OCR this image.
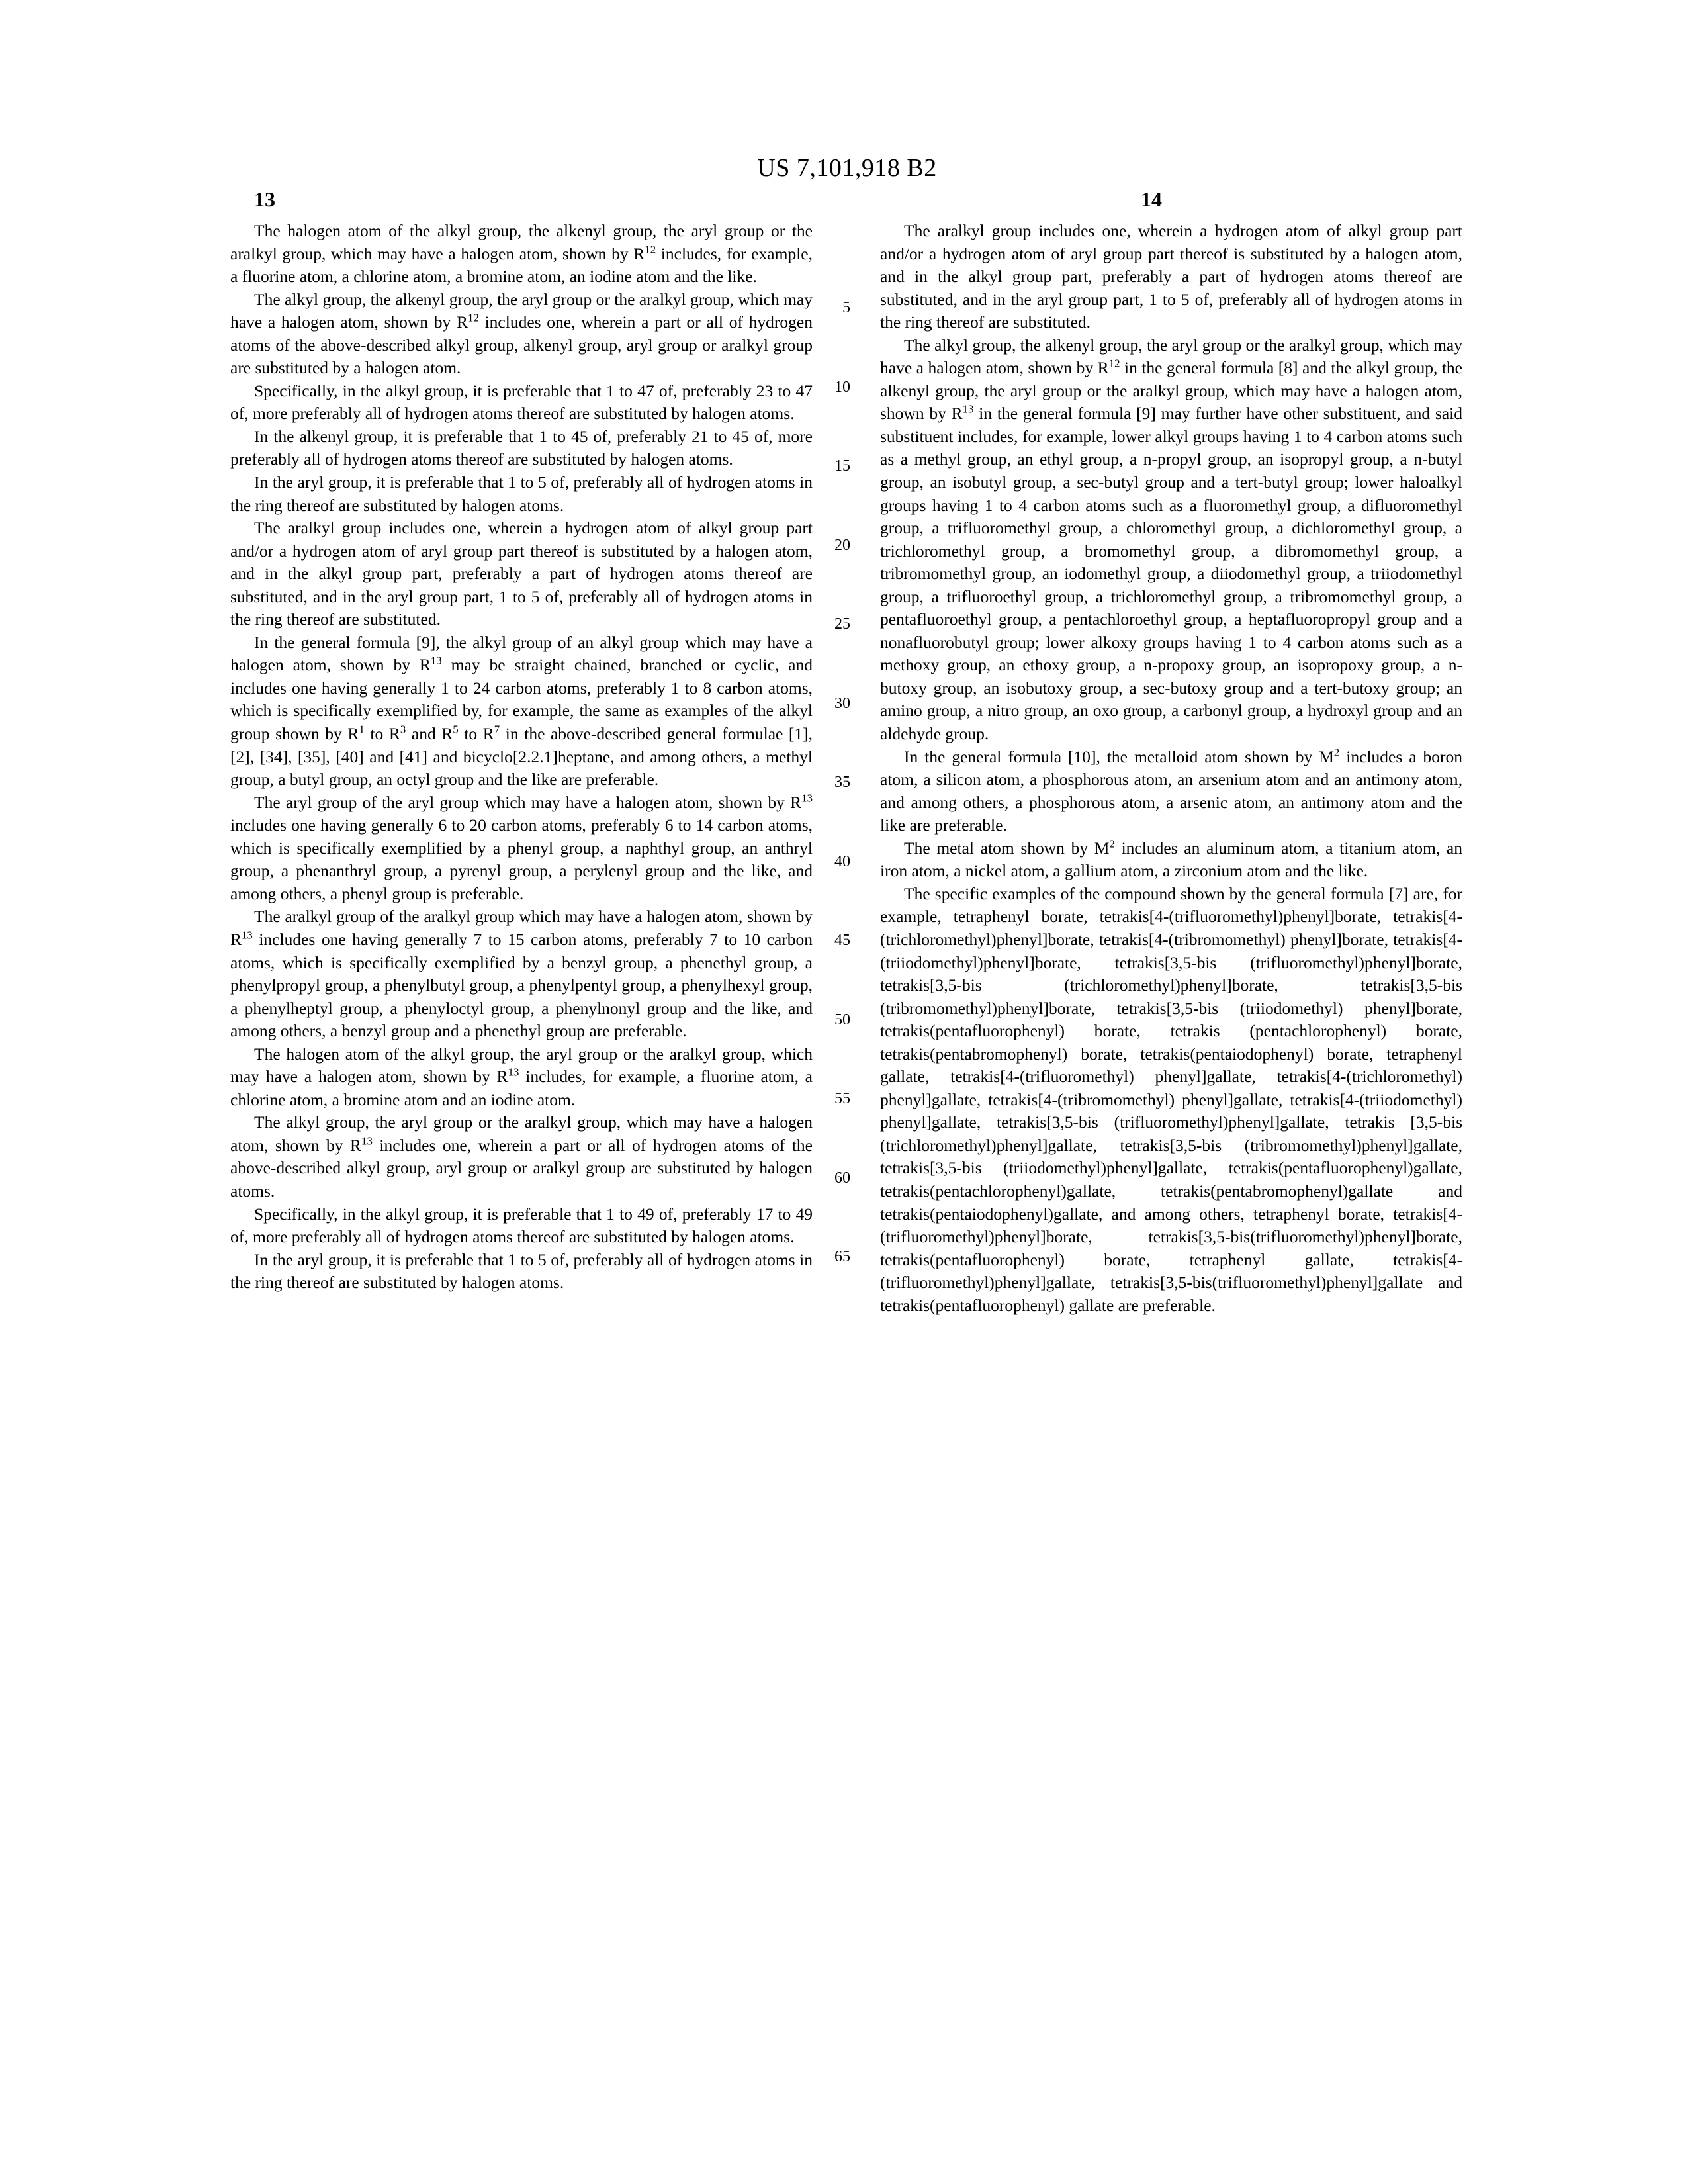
US 7,101,918 B2
13	14
5
10
15
20
25
30
35
40
45
50
55
60
65

The halogen atom of the alkyl group, the alkenyl group, the aryl group or the aralkyl group, which may have a halogen atom, shown by $R^{12}$ includes, for example, a fluorine atom, a chlorine atom, a bromine atom, an iodine atom and the like.

The alkyl group, the alkenyl group, the aryl group or the aralkyl group, which may have a halogen atom, shown by $R^{12}$ includes one, wherein a part or all of hydrogen atoms of the above-described alkyl group, alkenyl group, aryl group or aralkyl group are substituted by a halogen atom.

Specifically, in the alkyl group, it is preferable that 1 to 47 of, preferably 23 to 47 of, more preferably all of hydrogen atoms thereof are substituted by halogen atoms.

In the alkenyl group, it is preferable that 1 to 45 of, preferably 21 to 45 of, more preferably all of hydrogen atoms thereof are substituted by halogen atoms.

In the aryl group, it is preferable that 1 to 5 of, preferably all of hydrogen atoms in the ring thereof are substituted by halogen atoms.

The aralkyl group includes one, wherein a hydrogen atom of alkyl group part and/or a hydrogen atom of aryl group part thereof is substituted by a halogen atom, and in the alkyl group part, preferably a part of hydrogen atoms thereof are substituted, and in the aryl group part, 1 to 5 of, preferably all of hydrogen atoms in the ring thereof are substituted.

In the general formula [9], the alkyl group of an alkyl group which may have a halogen atom, shown by $R^{13}$ may be straight chained, branched or cyclic, and includes one having generally 1 to 24 carbon atoms, preferably 1 to 8 carbon atoms, which is specifically exemplified by, for example, the same as examples of the alkyl group shown by $R^1$ to $R^3$ and $R^5$ to $R^7$ in the above-described general formulae [1], [2], [34], [35], [40] and [41] and bicyclo[2.2.1]heptane, and among others, a methyl group, a butyl group, an octyl group and the like are preferable.

The aryl group of the aryl group which may have a halogen atom, shown by $R^{13}$ includes one having generally 6 to 20 carbon atoms, preferably 6 to 14 carbon atoms, which is specifically exemplified by a phenyl group, a naphthyl group, an anthryl group, a phenanthryl group, a pyrenyl group, a perylenyl group and the like, and among others, a phenyl group is preferable.

The aralkyl group of the aralkyl group which may have a halogen atom, shown by $R^{13}$ includes one having generally 7 to 15 carbon atoms, preferably 7 to 10 carbon atoms, which is specifically exemplified by a benzyl group, a phenethyl group, a phenylpropyl group, a phenylbutyl group, a phenylpentyl group, a phenylhexyl group, a phenylheptyl group, a phenyloctyl group, a phenylnonyl group and the like, and among others, a benzyl group and a phenethyl group are preferable.

The halogen atom of the alkyl group, the aryl group or the aralkyl group, which may have a halogen atom, shown by $R^{13}$ includes, for example, a fluorine atom, a chlorine atom, a bromine atom and an iodine atom.

The alkyl group, the aryl group or the aralkyl group, which may have a halogen atom, shown by $R^{13}$ includes one, wherein a part or all of hydrogen atoms of the above-described alkyl group, aryl group or aralkyl group are substituted by halogen atoms.

Specifically, in the alkyl group, it is preferable that 1 to 49 of, preferably 17 to 49 of, more preferably all of hydrogen atoms thereof are substituted by halogen atoms.

In the aryl group, it is preferable that 1 to 5 of, preferably all of hydrogen atoms in the ring thereof are substituted by halogen atoms.

The aralkyl group includes one, wherein a hydrogen atom of alkyl group part and/or a hydrogen atom of aryl group part thereof is substituted by a halogen atom, and in the alkyl group part, preferably a part of hydrogen atoms thereof are substituted, and in the aryl group part, 1 to 5 of, preferably all of hydrogen atoms in the ring thereof are substituted.

The alkyl group, the alkenyl group, the aryl group or the aralkyl group, which may have a halogen atom, shown by $R^{12}$ in the general formula [8] and the alkyl group, the alkenyl group, the aryl group or the aralkyl group, which may have a halogen atom, shown by $R^{13}$ in the general formula [9] may further have other substituent, and said substituent includes, for example, lower alkyl groups having 1 to 4 carbon atoms such as a methyl group, an ethyl group, a n-propyl group, an isopropyl group, a n-butyl group, an isobutyl group, a sec-butyl group and a tert-butyl group; lower haloalkyl groups having 1 to 4 carbon atoms such as a fluoromethyl group, a difluoromethyl group, a trifluoromethyl group, a chloromethyl group, a dichloromethyl group, a trichloromethyl group, a bromomethyl group, a dibromomethyl group, a tribromomethyl group, an iodomethyl group, a diiodomethyl group, a triiodomethyl group, a trifluoroethyl group, a trichloromethyl group, a tribromomethyl group, a pentafluoroethyl group, a pentachloroethyl group, a heptafluoropropyl group and a nonafluorobutyl group; lower alkoxy groups having 1 to 4 carbon atoms such as a methoxy group, an ethoxy group, a n-propoxy group, an isopropoxy group, a n-butoxy group, an isobutoxy group, a sec-butoxy group and a tert-butoxy group; an amino group, a nitro group, an oxo group, a carbonyl group, a hydroxyl group and an aldehyde group.

In the general formula [10], the metalloid atom shown by $M^2$ includes a boron atom, a silicon atom, a phosphorous atom, an arsenium atom and an antimony atom, and among others, a phosphorous atom, a arsenic atom, an antimony atom and the like are preferable.

The metal atom shown by $M^2$ includes an aluminum atom, a titanium atom, an iron atom, a nickel atom, a gallium atom, a zirconium atom and the like.

The specific examples of the compound shown by the general formula [7] are, for example, tetraphenyl borate, tetrakis[4-(trifluoromethyl)phenyl]borate, tetrakis[4-(trichloromethyl)phenyl]borate, tetrakis[4-(tribromomethyl) phenyl]borate, tetrakis[4-(triiodomethyl)phenyl]borate, tetrakis[3,5-bis (trifluoromethyl)phenyl]borate, tetrakis[3,5-bis (trichloromethyl)phenyl]borate, tetrakis[3,5-bis (tribromomethyl)phenyl]borate, tetrakis[3,5-bis (triiodomethyl) phenyl]borate, tetrakis(pentafluorophenyl) borate, tetrakis (pentachlorophenyl) borate, tetrakis(pentabromophenyl) borate, tetrakis(pentaiodophenyl) borate, tetraphenyl gallate, tetrakis[4-(trifluoromethyl) phenyl]gallate, tetrakis[4-(trichloromethyl) phenyl]gallate, tetrakis[4-(tribromomethyl) phenyl]gallate, tetrakis[4-(triiodomethyl) phenyl]gallate, tetrakis[3,5-bis (trifluoromethyl)phenyl]gallate, tetrakis [3,5-bis (trichloromethyl)phenyl]gallate, tetrakis[3,5-bis (tribromomethyl)phenyl]gallate, tetrakis[3,5-bis (triiodomethyl)phenyl]gallate, tetrakis(pentafluorophenyl)gallate, tetrakis(pentachlorophenyl)gallate, tetrakis(pentabromophenyl)gallate and tetrakis(pentaiodophenyl)gallate, and among others, tetraphenyl borate, tetrakis[4-(trifluoromethyl)phenyl]borate, tetrakis[3,5-bis(trifluoromethyl)phenyl]borate, tetrakis(pentafluorophenyl) borate, tetraphenyl gallate, tetrakis[4-(trifluoromethyl)phenyl]gallate, tetrakis[3,5-bis(trifluoromethyl)phenyl]gallate and tetrakis(pentafluorophenyl) gallate are preferable.
